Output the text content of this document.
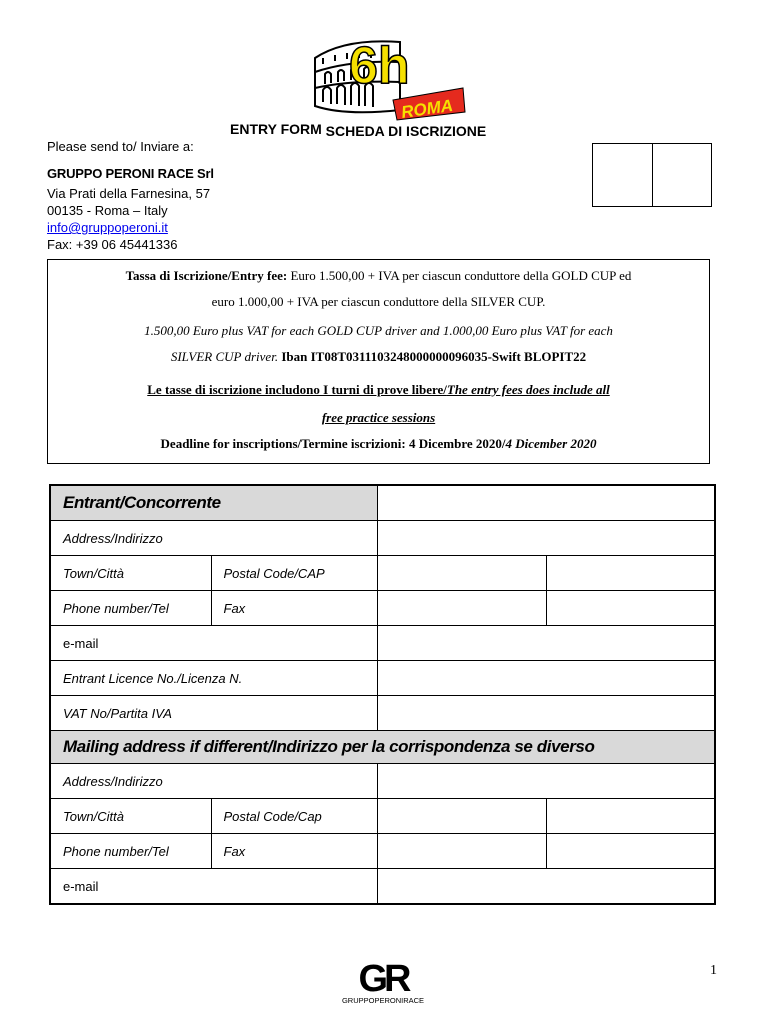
6h
ROMA
ENTRY FORM SCHEDA DI ISCRIZIONE
Please send to/ Inviare a:
GRUPPO PERONI RACE Srl
Via Prati della Farnesina, 57
00135 - Roma – Italy
info@gruppoperoni.it
Fax: +39 06 45441336
Tassa di Iscrizione/Entry fee: Euro 1.500,00 + IVA per ciascun conduttore della GOLD CUP ed
euro 1.000,00 + IVA per ciascun conduttore della SILVER CUP.
1.500,00 Euro plus VAT for each GOLD CUP driver and 1.000,00 Euro plus VAT for each
SILVER CUP driver. Iban IT08T0311103248000000096035-Swift BLOPIT22
Le tasse di iscrizione includono I turni di prove libere/The entry fees does include all
free practice sessions
Deadline for inscriptions/Termine iscrizioni: 4 Dicembre 2020/4 Dicember 2020
Entrant/Concorrente			
Address/Indirizzo			
Town/Città	Postal Code/CAP		
Phone number/Tel	Fax		
e-mail			
Entrant Licence No./Licenza N.			
VAT No/Partita IVA			
Mailing address if different/Indirizzo per la corrispondenza se diverso			
Address/Indirizzo			
Town/Città	Postal Code/Cap		
Phone number/Tel	Fax		
e-mail			
GR
GRUPPOPERONIRACE
1
